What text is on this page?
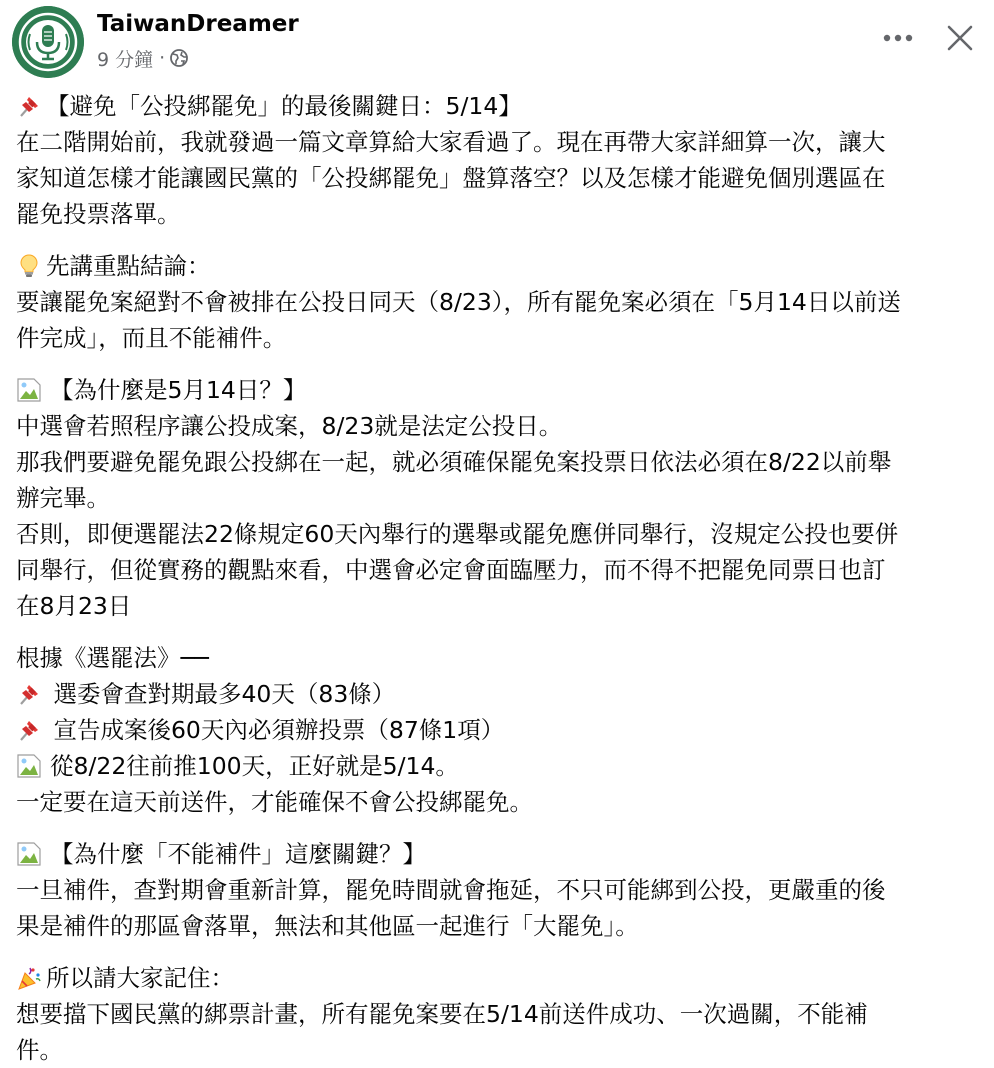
TaiwanDreamer
9 分鐘 ·
【避免「公投綁罷免」的最後關鍵日：5/14】
在二階開始前，我就發過一篇文章算給大家看過了。現在再帶大家詳細算一次，讓大
家知道怎樣才能讓國民黨的「公投綁罷免」盤算落空？以及怎樣才能避免個別選區在
罷免投票落單。
先講重點結論：
要讓罷免案絕對不會被排在公投日同天（8/23），所有罷免案必須在「5月14日以前送
件完成」，而且不能補件。
【為什麼是5月14日？】
中選會若照程序讓公投成案，8/23就是法定公投日。
那我們要避免罷免跟公投綁在一起，就必須確保罷免案投票日依法必須在8/22以前舉
辦完畢。
否則，即便選罷法22條規定60天內舉行的選舉或罷免應併同舉行，沒規定公投也要併
同舉行，但從實務的觀點來看，中選會必定會面臨壓力，而不得不把罷免同票日也訂
在8月23日
根據《選罷法》──
選委會查對期最多40天（83條）
宣告成案後60天內必須辦投票（87條1項）
從8/22往前推100天，正好就是5/14。
一定要在這天前送件，才能確保不會公投綁罷免。
【為什麼「不能補件」這麼關鍵？】
一旦補件，查對期會重新計算，罷免時間就會拖延，不只可能綁到公投，更嚴重的後
果是補件的那區會落單，無法和其他區一起進行「大罷免」。
所以請大家記住：
想要擋下國民黨的綁票計畫，所有罷免案要在5/14前送件成功、一次過關，不能補
件。
